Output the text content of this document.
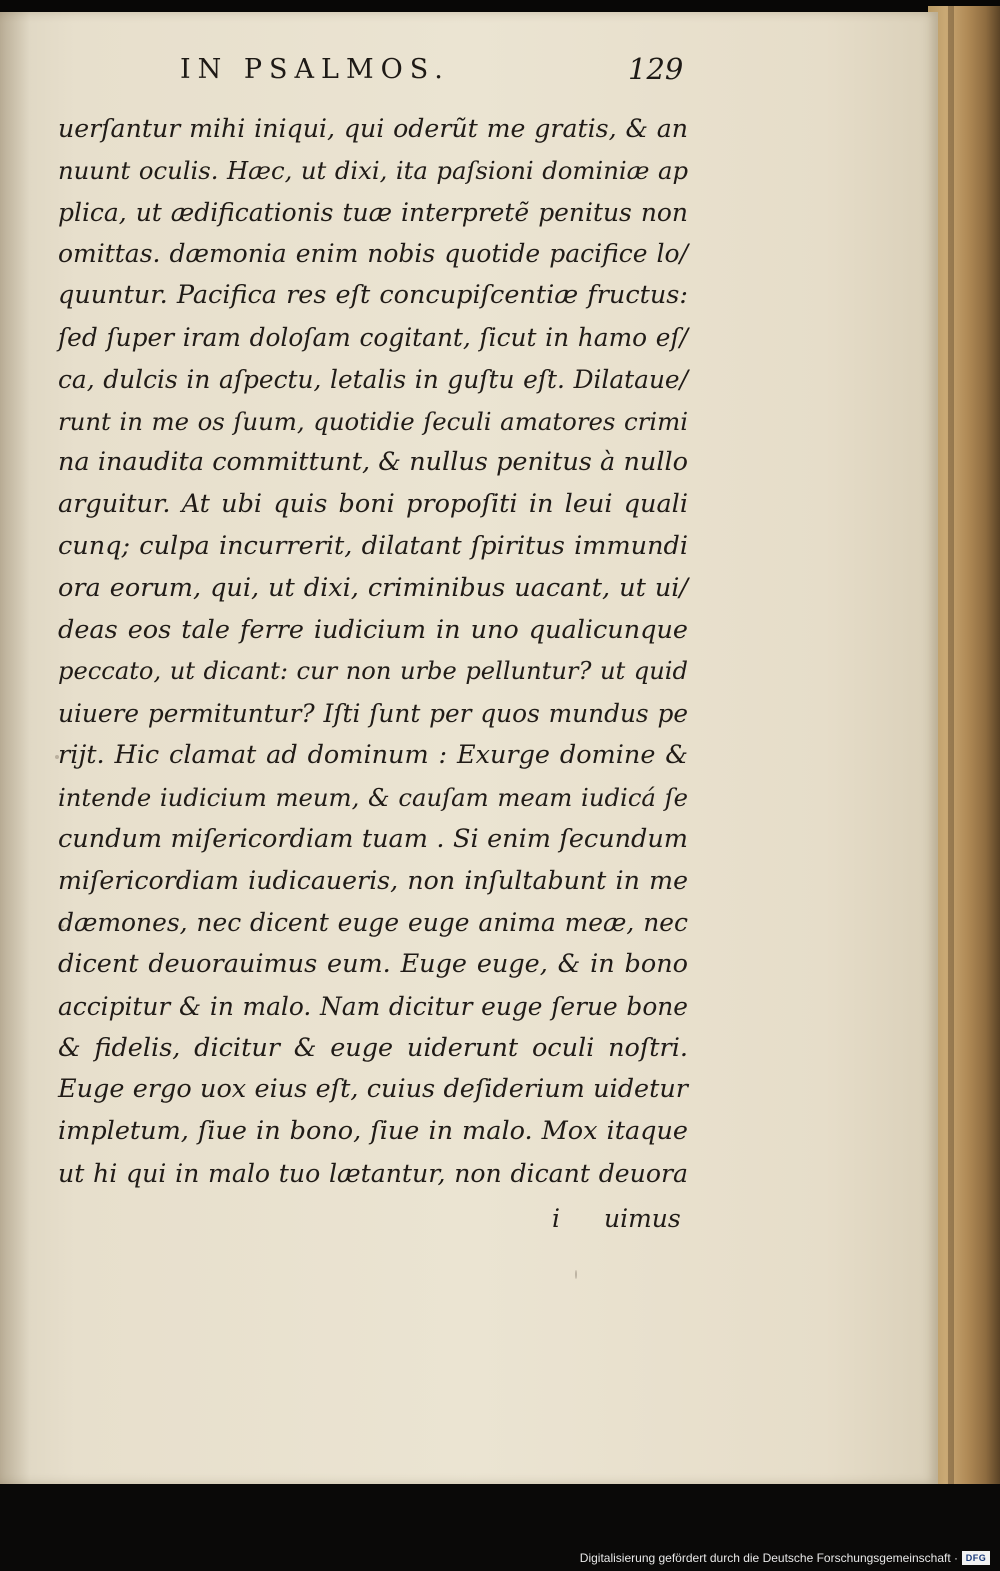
IN PSALMOS.	129
uerſantur mihi iniqui, qui oderũt me gratis, & an
nuunt oculis. Hæc, ut dixi, ita paſsioni dominiæ ap
plica, ut ædificationis tuæ interpretẽ penitus non
omittas. dæmonia enim nobis quotide pacifice lo/
quuntur. Pacifica res eſt concupiſcentiæ fructus:
ſed ſuper iram doloſam cogitant, ſicut in hamo eſ/
ca, dulcis in aſpectu, letalis in guſtu eſt. Dilataue/
runt in me os ſuum, quotidie ſeculi amatores crimi
na inaudita committunt, & nullus penitus à nullo
arguitur. At ubi quis boni propoſiti in leui quali
cunq; culpa incurrerit, dilatant ſpiritus immundi
ora eorum, qui, ut dixi, criminibus uacant, ut ui/
deas eos tale ferre iudicium in uno qualicunque
peccato, ut dicant: cur non urbe pelluntur? ut quid
uiuere permituntur? Iſti ſunt per quos mundus pe
rijt. Hic clamat ad dominum : Exurge domine &
intende iudicium meum, & cauſam meam iudicá ſe
cundum miſericordiam tuam . Si enim ſecundum
miſericordiam iudicaueris, non inſultabunt in me
dæmones, nec dicent euge euge anima meæ, nec
dicent deuorauimus eum. Euge euge, & in bono
accipitur & in malo. Nam dicitur euge ſerue bone
& fidelis, dicitur & euge uiderunt oculi noſtri.
Euge ergo uox eius eſt, cuius deſiderium uidetur
impletum, ſiue in bono, ſiue in malo. Mox itaque
ut hi qui in malo tuo lætantur, non dicant deuora
i uimus
Digitalisierung gefördert durch die Deutsche Forschungsgemeinschaft · DFG
